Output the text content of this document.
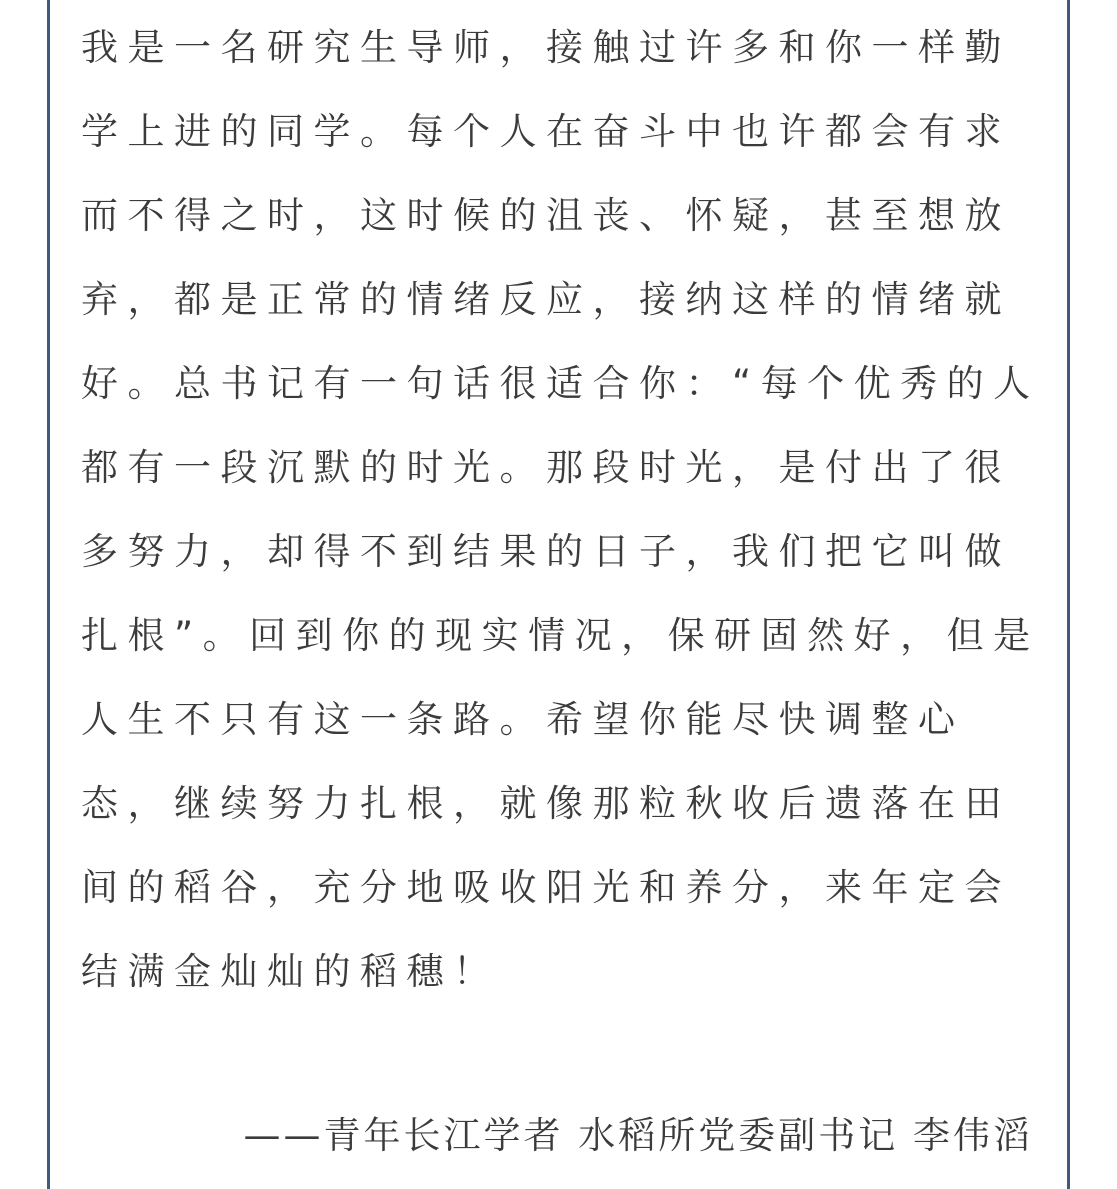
我是一名研究生导师，接触过许多和你一样勤
学上进的同学。每个人在奋斗中也许都会有求
而不得之时，这时候的沮丧、怀疑，甚至想放
弃，都是正常的情绪反应，接纳这样的情绪就
好。总书记有一句话很适合你：“每个优秀的人
都有一段沉默的时光。那段时光，是付出了很
多努力，却得不到结果的日子，我们把它叫做
扎根”。回到你的现实情况，保研固然好，但是
人生不只有这一条路。希望你能尽快调整心
态，继续努力扎根，就像那粒秋收后遗落在田
间的稻谷，充分地吸收阳光和养分，来年定会
结满金灿灿的稻穗！
——青年长江学者 水稻所党委副书记 李伟滔
